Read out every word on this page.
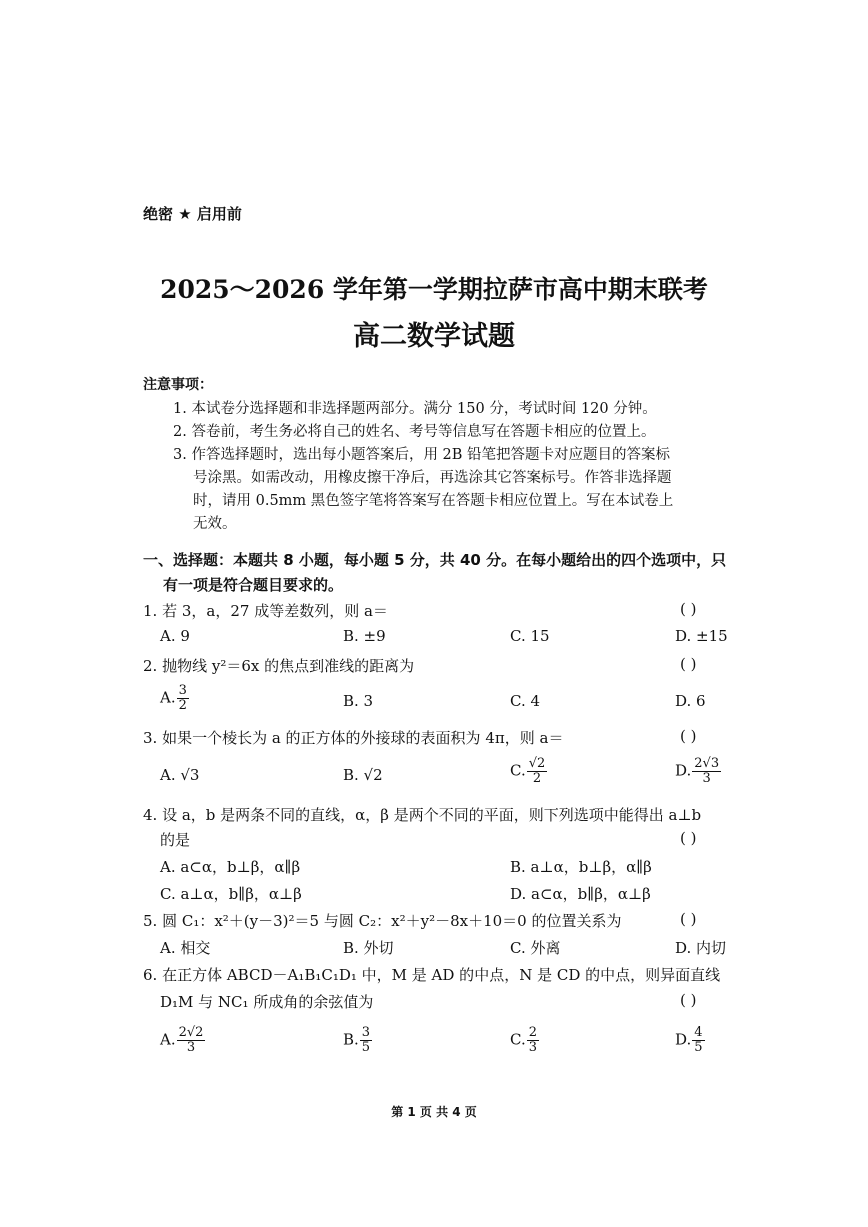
绝密 ★ 启用前
2025～2026 学年第一学期拉萨市高中期末联考
高二数学试题
注意事项：
1. 本试卷分选择题和非选择题两部分。满分 150 分，考试时间 120 分钟。
2. 答卷前，考生务必将自己的姓名、考号等信息写在答题卡相应的位置上。
3. 作答选择题时，选出每小题答案后，用 2B 铅笔把答题卡对应题目的答案标
号涂黑。如需改动，用橡皮擦干净后，再选涂其它答案标号。作答非选择题
时，请用 0.5mm 黑色签字笔将答案写在答题卡相应位置上。写在本试卷上
无效。
一、选择题：本题共 8 小题，每小题 5 分，共 40 分。在每小题给出的四个选项中，只
有一项是符合题目要求的。
1. 若 3，a，27 成等差数列，则 a＝	( )
A. 9	B. ±9	C. 15	D. ±15
2. 抛物线 y²＝6x 的焦点到准线的距离为	( )
A. $\frac{3}{2}$	B. 3	C. 4	D. 6
3. 如果一个棱长为 a 的正方体的外接球的表面积为 4π，则 a＝	( )
A. √3	B. √2	C. $\frac{√2}{2}$	D. $\frac{2√3}{3}$
4. 设 a，b 是两条不同的直线，α，β 是两个不同的平面，则下列选项中能得出 a⊥b
的是	( )
A. a⊂α，b⊥β，α∥β	B. a⊥α，b⊥β，α∥β
C. a⊥α，b∥β，α⊥β	D. a⊂α，b∥β，α⊥β
5. 圆 C₁：x²＋(y－3)²＝5 与圆 C₂：x²＋y²－8x＋10＝0 的位置关系为	( )
A. 相交	B. 外切	C. 外离	D. 内切
6. 在正方体 ABCD－A₁B₁C₁D₁ 中，M 是 AD 的中点，N 是 CD 的中点，则异面直线
D₁M 与 NC₁ 所成角的余弦值为	( )
A. $\frac{2√2}{3}$	B. $\frac{3}{5}$	C. $\frac{2}{3}$	D. $\frac{4}{5}$
第 1 页 共 4 页
